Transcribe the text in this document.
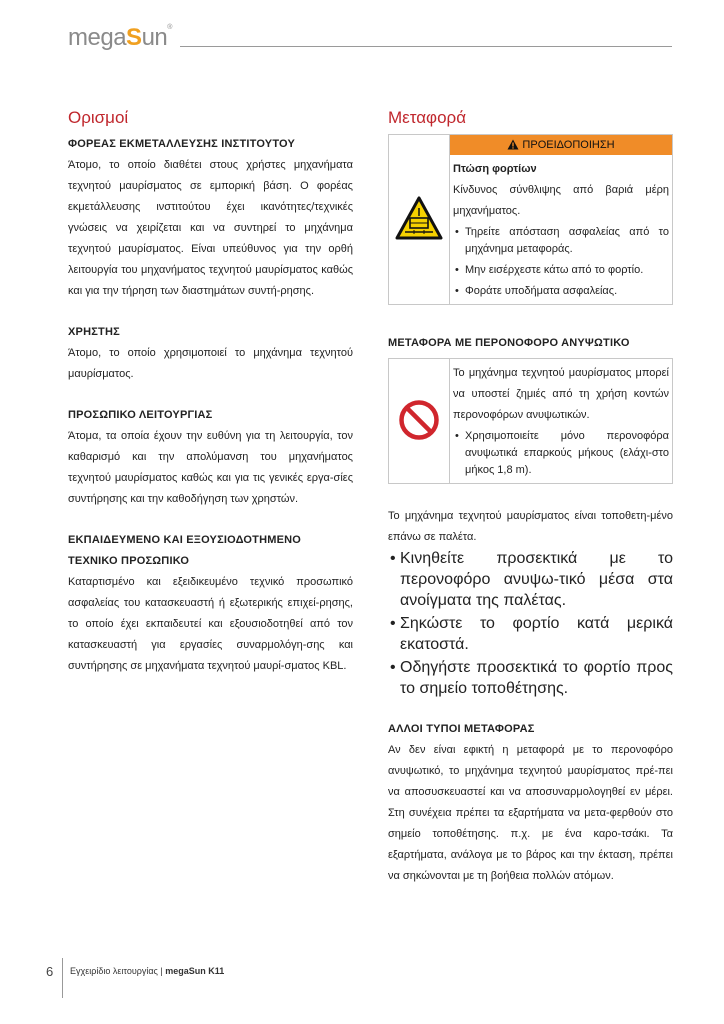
megaSun®
Ορισμοί
ΦΟΡΕΑΣ ΕΚΜΕΤΑΛΛΕΥΣΗΣ ΙΝΣΤΙΤΟΥΤΟΥ

Άτομο, το οποίο διαθέτει στους χρήστες μηχανήματα τεχνητού μαυρίσματος σε εμπορική βάση. Ο φορέας εκμετάλλευσης ινστιτούτου έχει ικανότητες/τεχνικές γνώσεις να χειρίζεται και να συντηρεί το μηχάνημα τεχνητού μαυρίσματος. Είναι υπεύθυνος για την ορθή λειτουργία του μηχανήματος τεχνητού μαυρίσματος καθώς και για την τήρηση των διαστημάτων συντή-ρησης.

ΧΡΗΣΤΗΣ

Άτομο, το οποίο χρησιμοποιεί το μηχάνημα τεχνητού μαυρίσματος.

ΠΡΟΣΩΠΙΚΟ ΛΕΙΤΟΥΡΓΙΑΣ

Άτομα, τα οποία έχουν την ευθύνη για τη λειτουργία, τον καθαρισμό και την απολύμανση του μηχανήματος τεχνητού μαυρίσματος καθώς και για τις γενικές εργα-σίες συντήρησης και την καθοδήγηση των χρηστών.

ΕΚΠΑΙΔΕΥΜΕΝΟ ΚΑΙ ΕΞΟΥΣΙΟΔΟΤΗΜΕΝΟ ΤΕΧΝΙΚΟ ΠΡΟΣΩΠΙΚΟ

Καταρτισμένο και εξειδικευμένο τεχνικό προσωπικό ασφαλείας του κατασκευαστή ή εξωτερικής επιχεί-ρησης, το οποίο έχει εκπαιδευτεί και εξουσιοδοτηθεί από τον κατασκευαστή για εργασίες συναρμολόγη-σης και συντήρησης σε μηχανήματα τεχνητού μαυρί-σματος KBL.

Μεταφορά

ΠΡΟΕΙΔΟΠΟΙΗΣΗ
Πτώση φορτίων
Κίνδυνος σύνθλιψης από βαριά μέρη μηχανήματος.
• Τηρείτε απόσταση ασφαλείας από το μηχάνημα μεταφοράς.
• Μην εισέρχεστε κάτω από το φορτίο.
• Φοράτε υποδήματα ασφαλείας.
ΜΕΤΑΦΟΡΑ ΜΕ ΠΕΡΟΝΟΦΟΡΟ ΑΝΥΨΩΤΙΚΟ

Το μηχάνημα τεχνητού μαυρίσματος μπορεί να υποστεί ζημιές από τη χρήση κοντών περονοφόρων ανυψωτικών.
• Χρησιμοποιείτε μόνο περονοφόρα ανυψωτικά επαρκούς μήκους (ελάχι-στο μήκος 1,8 m).

Το μηχάνημα τεχνητού μαυρίσματος είναι τοποθετη-μένο επάνω σε παλέτα.

• Κινηθείτε προσεκτικά με το περονοφόρο ανυψω-τικό μέσα στα ανοίγματα της παλέτας.
• Σηκώστε το φορτίο κατά μερικά εκατοστά.
• Οδηγήστε προσεκτικά το φορτίο προς το σημείο τοποθέτησης.
ΑΛΛΟΙ ΤΥΠΟΙ ΜΕΤΑΦΟΡΑΣ

Αν δεν είναι εφικτή η μεταφορά με το περονοφόρο ανυψωτικό, το μηχάνημα τεχνητού μαυρίσματος πρέ-πει να αποσυσκευαστεί και να αποσυναρμολογηθεί εν μέρει. Στη συνέχεια πρέπει τα εξαρτήματα να μετα-φερθούν στο σημείο τοποθέτησης. π.χ. με ένα καρο-τσάκι. Τα εξαρτήματα, ανάλογα με το βάρος και την έκταση, πρέπει να σηκώνονται με τη βοήθεια πολλών ατόμων.

6 Εγχειρίδιο λειτουργίας | megaSun K11
